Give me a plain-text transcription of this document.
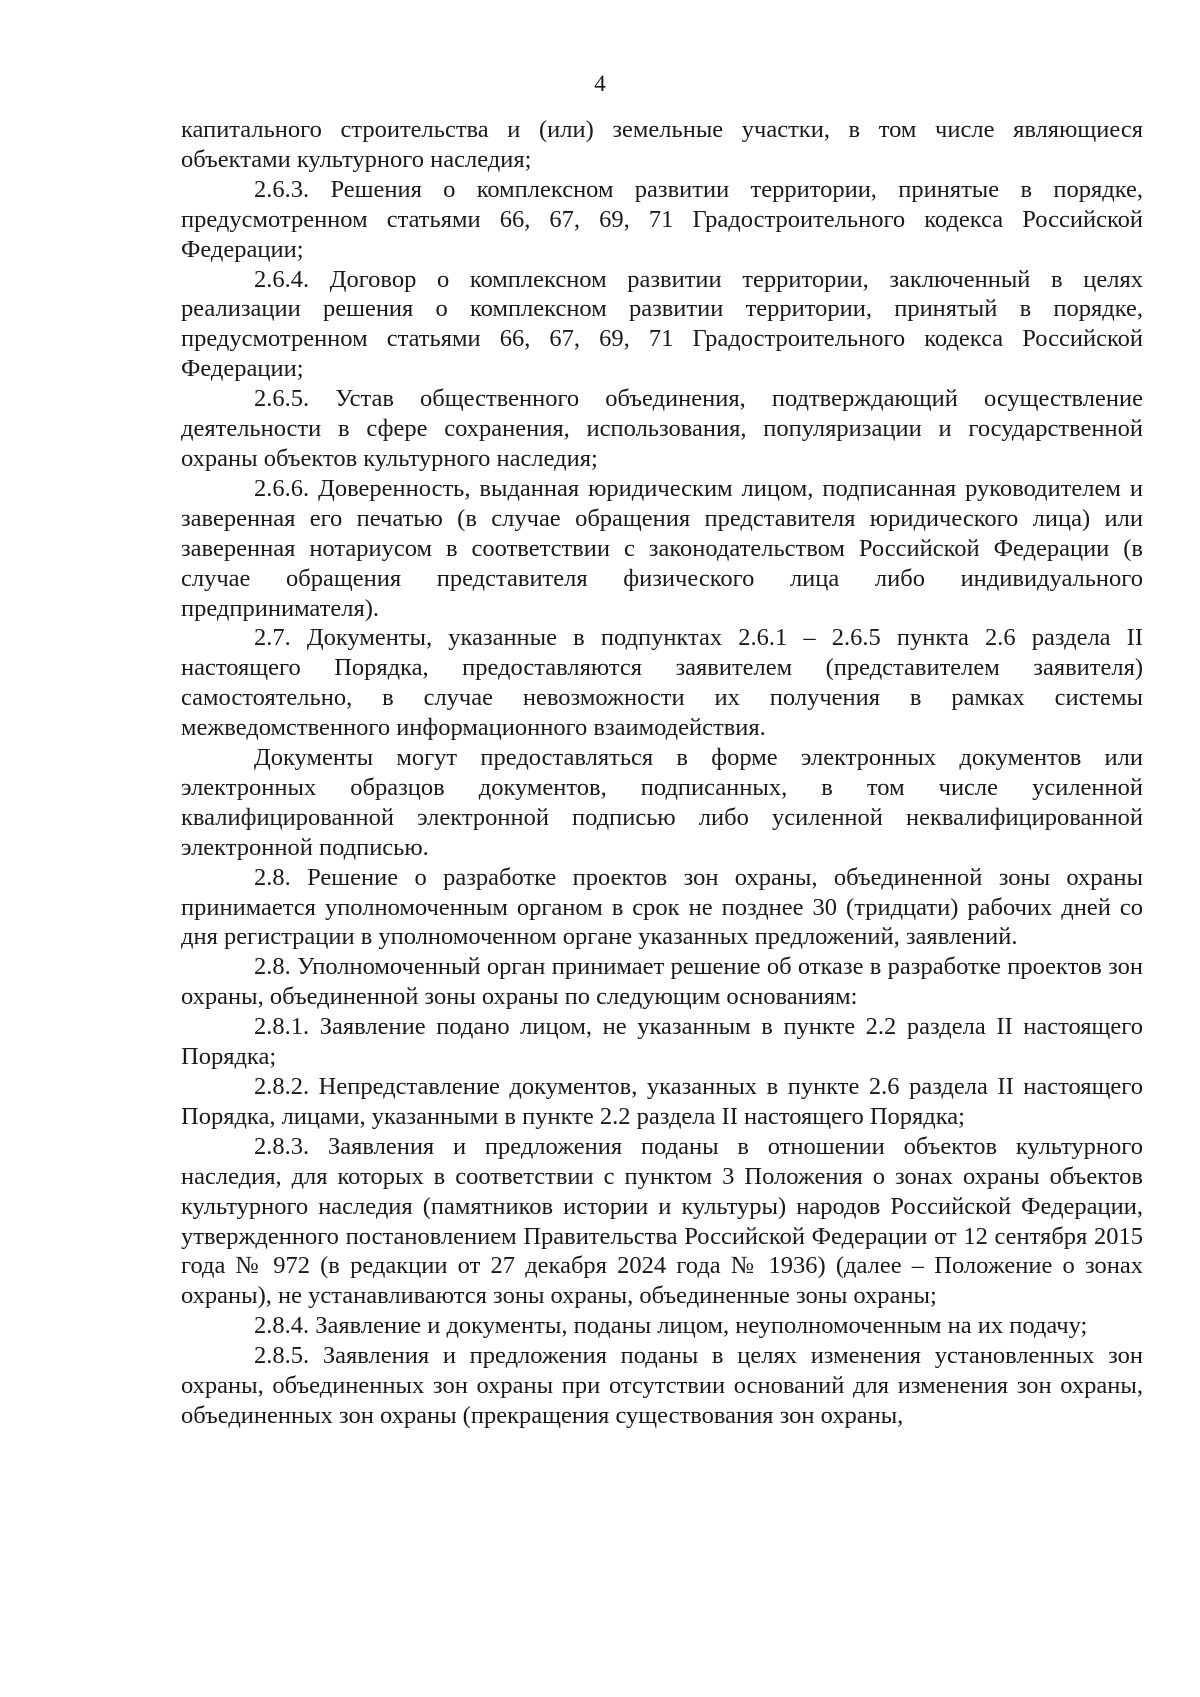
4

капитального строительства и (или) земельные участки, в том числе являющиеся объектами культурного наследия;

2.6.3. Решения о комплексном развитии территории, принятые в порядке, предусмотренном статьями 66, 67, 69, 71 Градостроительного кодекса Российской Федерации;

2.6.4. Договор о комплексном развитии территории, заключенный в целях реализации решения о комплексном развитии территории, принятый в порядке, предусмотренном статьями 66, 67, 69, 71 Градостроительного кодекса Российской Федерации;

2.6.5. Устав общественного объединения, подтверждающий осуществление деятельности в сфере сохранения, использования, популяризации и государственной охраны объектов культурного наследия;

2.6.6. Доверенность, выданная юридическим лицом, подписанная руководителем и заверенная его печатью (в случае обращения представителя юридического лица) или заверенная нотариусом в соответствии с законодательством Российской Федерации (в случае обращения представителя физического лица либо индивидуального предпринимателя).

2.7. Документы, указанные в подпунктах 2.6.1 – 2.6.5 пункта 2.6 раздела II настоящего Порядка, предоставляются заявителем (представителем заявителя) самостоятельно, в случае невозможности их получения в рамках системы межведомственного информационного взаимодействия.

Документы могут предоставляться в форме электронных документов или электронных образцов документов, подписанных, в том числе усиленной квалифицированной электронной подписью либо усиленной неквалифицированной электронной подписью.

2.8. Решение о разработке проектов зон охраны, объединенной зоны охраны принимается уполномоченным органом в срок не позднее 30 (тридцати) рабочих дней со дня регистрации в уполномоченном органе указанных предложений, заявлений.

2.8. Уполномоченный орган принимает решение об отказе в разработке проектов зон охраны, объединенной зоны охраны по следующим основаниям:

2.8.1. Заявление подано лицом, не указанным в пункте 2.2 раздела II настоящего Порядка;

2.8.2. Непредставление документов, указанных в пункте 2.6 раздела II настоящего Порядка, лицами, указанными в пункте 2.2 раздела II настоящего Порядка;

2.8.3. Заявления и предложения поданы в отношении объектов культурного наследия, для которых в соответствии с пунктом 3 Положения о зонах охраны объектов культурного наследия (памятников истории и культуры) народов Российской Федерации, утвержденного постановлением Правительства Российской Федерации от 12 сентября 2015 года № 972 (в редакции от 27 декабря 2024 года № 1936) (далее – Положение о зонах охраны), не устанавливаются зоны охраны, объединенные зоны охраны;

2.8.4. Заявление и документы, поданы лицом, неуполномоченным на их подачу;

2.8.5. Заявления и предложения поданы в целях изменения установленных зон охраны, объединенных зон охраны при отсутствии оснований для изменения зон охраны, объединенных зон охраны (прекращения существования зон охраны,
